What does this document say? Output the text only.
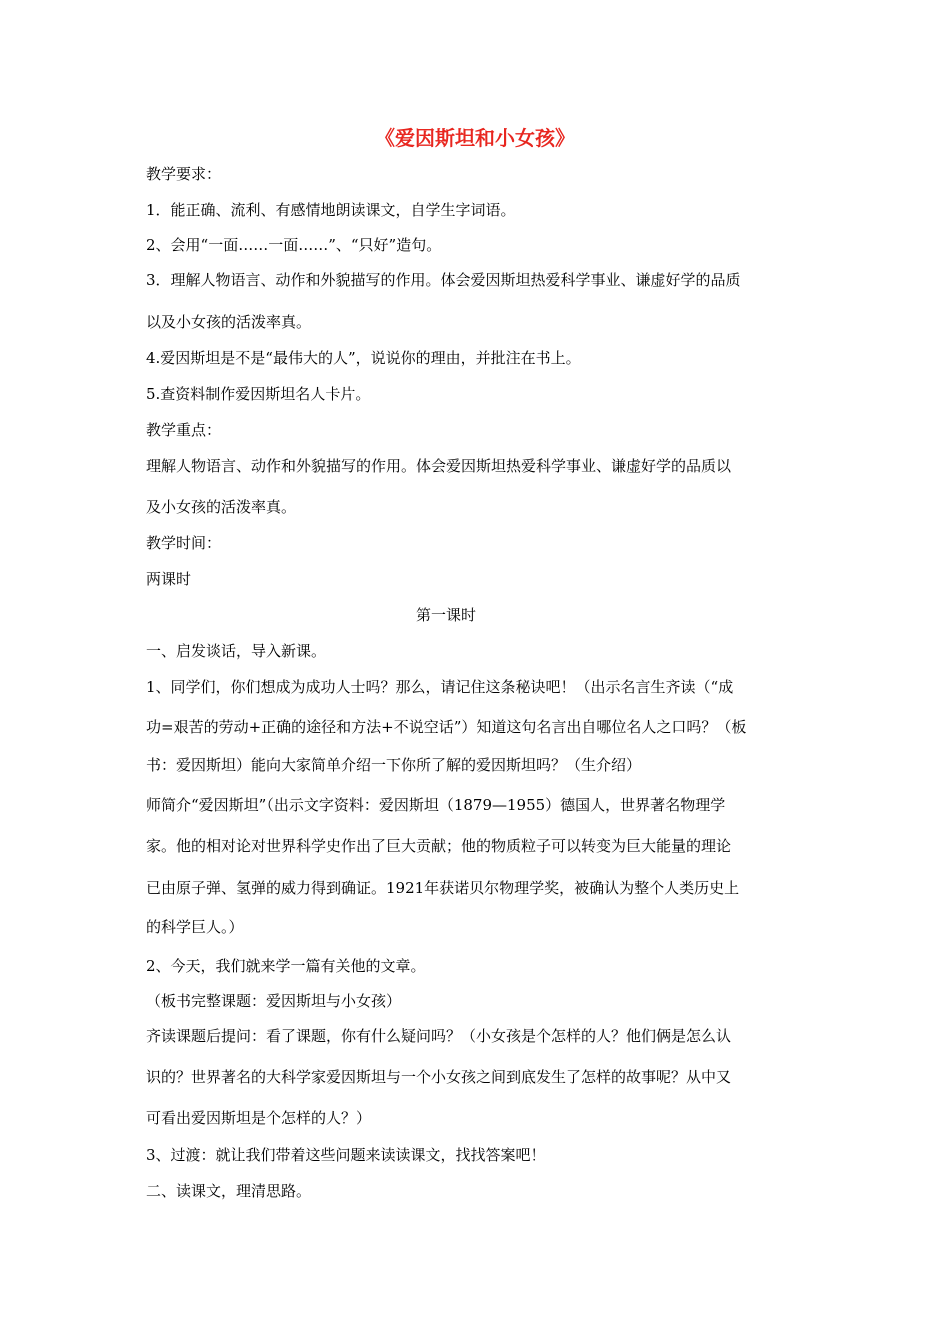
《爱因斯坦和小女孩》
教学要求：
1．能正确、流利、有感情地朗读课文，自学生字词语。
2、会用“一面……一面……”、“只好”造句。
3．理解人物语言、动作和外貌描写的作用。体会爱因斯坦热爱科学事业、谦虚好学的品质
以及小女孩的活泼率真。
4.爱因斯坦是不是“最伟大的人”，说说你的理由，并批注在书上。
5.查资料制作爱因斯坦名人卡片。
教学重点：
理解人物语言、动作和外貌描写的作用。体会爱因斯坦热爱科学事业、谦虚好学的品质以
及小女孩的活泼率真。
教学时间：
两课时
第一课时
一、启发谈话，导入新课。
1、同学们，你们想成为成功人士吗？那么，请记住这条秘诀吧！（出示名言生齐读（“成
功=艰苦的劳动+正确的途径和方法+不说空话”）知道这句名言出自哪位名人之口吗？（板
书：爱因斯坦）能向大家简单介绍一下你所了解的爱因斯坦吗？（生介绍）
师简介“爱因斯坦”（出示文字资料：爱因斯坦（1879—1955）德国人，世界著名物理学
家。他的相对论对世界科学史作出了巨大贡献；他的物质粒子可以转变为巨大能量的理论
已由原子弹、氢弹的威力得到确证。1921年获诺贝尔物理学奖，被确认为整个人类历史上
的科学巨人。）
2、今天，我们就来学一篇有关他的文章。
（板书完整课题：爱因斯坦与小女孩）
齐读课题后提问：看了课题，你有什么疑问吗？（小女孩是个怎样的人？他们俩是怎么认
识的？世界著名的大科学家爱因斯坦与一个小女孩之间到底发生了怎样的故事呢？从中又
可看出爱因斯坦是个怎样的人？）
3、过渡：就让我们带着这些问题来读读课文，找找答案吧！
二、读课文，理清思路。
